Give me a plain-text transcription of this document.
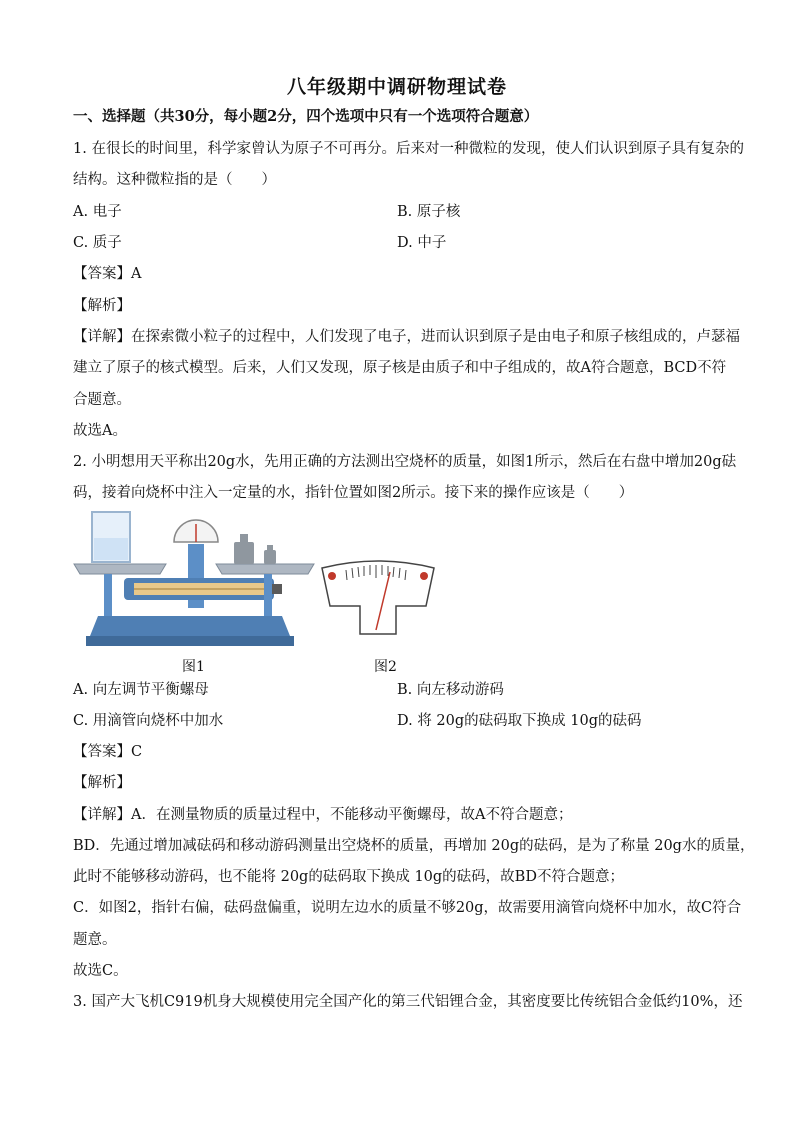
八年级期中调研物理试卷
一、选择题（共30分，每小题2分，四个选项中只有一个选项符合题意）
1. 在很长的时间里，科学家曾认为原子不可再分。后来对一种微粒的发现，使人们认识到原子具有复杂的
结构。这种微粒指的是（　　）
A. 电子	B. 原子核
C. 质子	D. 中子
【答案】A
【解析】
【详解】在探索微小粒子的过程中，人们发现了电子，进而认识到原子是由电子和原子核组成的，卢瑟福
建立了原子的核式模型。后来，人们又发现，原子核是由质子和中子组成的，故A符合题意，BCD不符
合题意。
故选A。
2. 小明想用天平称出20g水，先用正确的方法测出空烧杯的质量，如图1所示，然后在右盘中增加20g砝
码，接着向烧杯中注入一定量的水，指针位置如图2所示。接下来的操作应该是（　　）
图1	图2
A. 向左调节平衡螺母	B. 向左移动游码
C. 用滴管向烧杯中加水	D. 将 20g的砝码取下换成 10g的砝码
【答案】C
【解析】
【详解】A．在测量物质的质量过程中，不能移动平衡螺母，故A不符合题意；
BD．先通过增加减砝码和移动游码测量出空烧杯的质量，再增加 20g的砝码，是为了称量 20g水的质量，
此时不能够移动游码，也不能将 20g的砝码取下换成 10g的砝码，故BD不符合题意；
C．如图2，指针右偏，砝码盘偏重，说明左边水的质量不够20g，故需要用滴管向烧杯中加水，故C符合
题意。
故选C。
3. 国产大飞机C919机身大规模使用完全国产化的第三代铝锂合金，其密度要比传统铝合金低约10%，还
